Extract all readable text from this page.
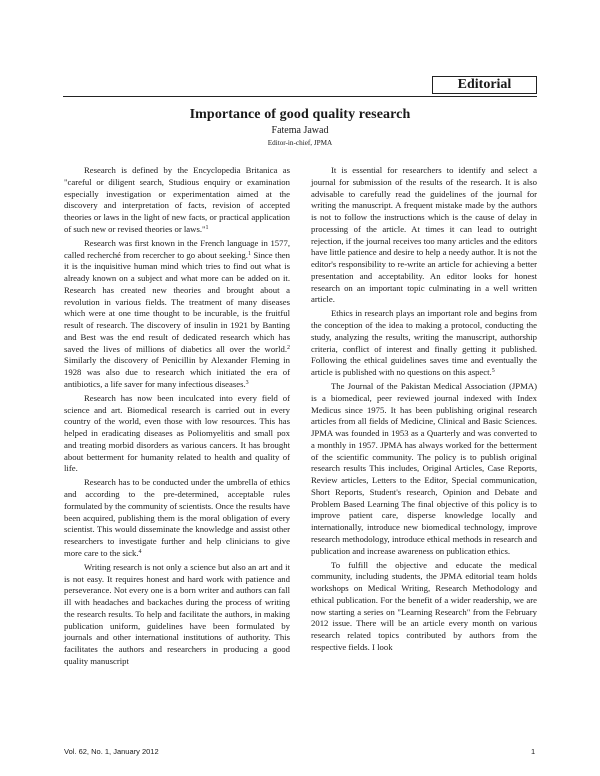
Editorial
Importance of good quality research
Fatema Jawad
Editor-in-chief, JPMA

Research is defined by the Encyclopedia Britanica as "careful or diligent search, Studious enquiry or examination especially investigation or experimentation aimed at the discovery and interpretation of facts, revision of accepted theories or laws in the light of new facts, or practical application of such new or revised theories or laws."$^1$

Research was first known in the French language in 1577, called recherché from recercher to go about seeking.$^1$ Since then it is the inquisitive human mind which tries to find out what is already known on a subject and what more can be added on it. Research has created new theories and brought about a revolution in various fields. The treatment of many diseases which were at one time thought to be incurable, is the fruitful result of research. The discovery of insulin in 1921 by Banting and Best was the end result of dedicated research which has saved the lives of millions of diabetics all over the world.$^2$ Similarly the discovery of Penicillin by Alexander Fleming in 1928 was also due to research which initiated the era of antibiotics, a life saver for many infectious diseases.$^3$

Research has now been inculcated into every field of science and art. Biomedical research is carried out in every country of the world, even those with low resources. This has helped in eradicating diseases as Poliomyelitis and small pox and treating morbid disorders as various cancers. It has brought about betterment for humanity related to health and quality of life.

Research has to be conducted under the umbrella of ethics and according to the pre-determined, acceptable rules formulated by the community of scientists. Once the results have been acquired, publishing them is the moral obligation of every scientist. This would disseminate the knowledge and assist other researchers to investigate further and help clinicians to give more care to the sick.$^4$

Writing research is not only a science but also an art and it is not easy. It requires honest and hard work with patience and perseverance. Not every one is a born writer and authors can fall ill with headaches and backaches during the process of writing the research results. To help and facilitate the authors, in making publication uniform, guidelines have been formulated by journals and other international institutions of authority. This facilitates the authors and researchers in producing a good quality manuscript

It is essential for researchers to identify and select a journal for submission of the results of the research. It is also advisable to carefully read the guidelines of the journal for writing the manuscript. A frequent mistake made by the authors is not to follow the instructions which is the cause of delay in processing of the article. At times it can lead to outright rejection, if the journal receives too many articles and the editors have little patience and desire to help a needy author. It is not the editor's responsibility to re-write an article for achieving a better presentation and acceptability. An editor looks for honest research on an important topic culminating in a well written article.

Ethics in research plays an important role and begins from the conception of the idea to making a protocol, conducting the study, analyzing the results, writing the manuscript, authorship criteria, conflict of interest and finally getting it published. Following the ethical guidelines saves time and eventually the article is published with no questions on this aspect.$^5$

The Journal of the Pakistan Medical Association (JPMA) is a biomedical, peer reviewed journal indexed with Index Medicus since 1975. It has been publishing original research articles from all fields of Medicine, Clinical and Basic Sciences. JPMA was founded in 1953 as a Quarterly and was converted to a monthly in 1957. JPMA has always worked for the betterment of the scientific community. The policy is to publish original research results This includes, Original Articles, Case Reports, Review articles, Letters to the Editor, Special communication, Short Reports, Student's research, Opinion and Debate and Problem Based Learning The final objective of this policy is to improve patient care, disperse knowledge locally and internationally, introduce new biomedical technology, improve research methodology, introduce ethical methods in research and publication and increase awareness on publication ethics.

To fulfill the objective and educate the medical community, including students, the JPMA editorial team holds workshops on Medical Writing, Research Methodology and ethical publication. For the benefit of a wider readership, we are now starting a series on "Learning Research" from the February 2012 issue. There will be an article every month on various research related topics contributed by authors from the respective fields. I look

Vol. 62, No. 1, January 2012	1
